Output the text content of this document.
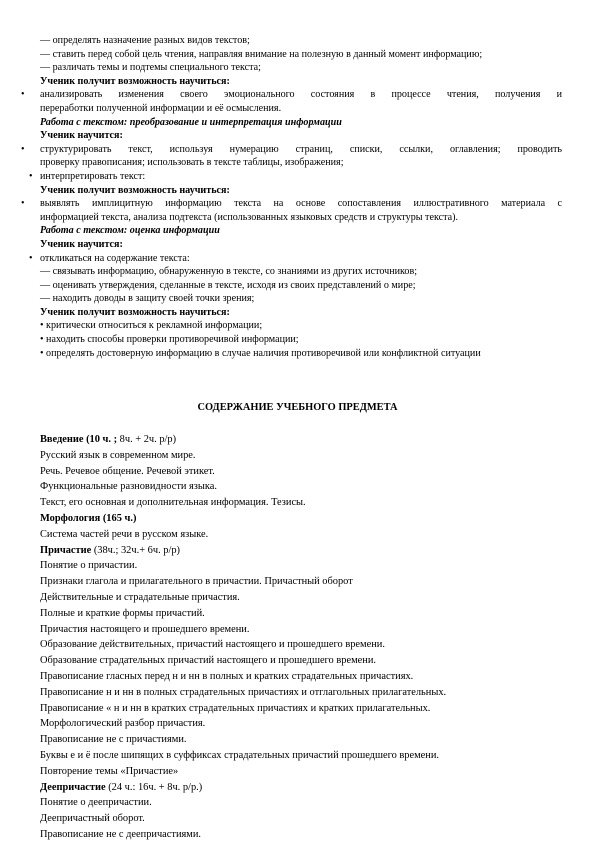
— определять назначение разных видов текстов;
— ставить перед собой цель чтения, направляя внимание на полезную в данный момент информацию;
— различать темы и подтемы специального текста;
Ученик получит возможность научиться:
•	анализировать изменения своего эмоционального состояния в процессе чтения, получения и
переработки полученной информации и её осмысления.
Работа с текстом: преобразование и интерпретация информации
Ученик научится:
•	структурировать текст, используя нумерацию страниц, списки, ссылки, оглавления; проводить
проверку правописания; использовать в тексте таблицы, изображения;
• интерпретировать текст:
Ученик получит возможность научиться:
•	выявлять имплицитную информацию текста на основе сопоставления иллюстративного материала с
информацией текста, анализа подтекста (использованных языковых средств и структуры текста).
Работа с текстом: оценка информации
Ученик научится:
• откликаться на содержание текста:
— связывать информацию, обнаруженную в тексте, со знаниями из других источников;
— оценивать утверждения, сделанные в тексте, исходя из своих представлений о мире;
— находить доводы в защиту своей точки зрения;
Ученик получит возможность научиться:
• критически относиться к рекламной информации;
• находить способы проверки противоречивой информации;
• определять достоверную информацию в случае наличия противоречивой или конфликтной ситуации
СОДЕРЖАНИЕ УЧЕБНОГО ПРЕДМЕТА
Введение (10 ч. ; 8ч. + 2ч. р/р)
Русский язык в современном мире.
Речь. Речевое общение. Речевой этикет.
Функциональные разновидности языка.
Текст, его основная и дополнительная информация. Тезисы.
Морфология (165 ч.)
Система частей речи в русском языке.
Причастие (38ч.; 32ч.+ 6ч. р/р)
Понятие о причастии.
Признаки глагола и прилагательного в причастии. Причастный оборот
Действительные и страдательные причастия.
Полные и краткие формы причастий.
Причастия настоящего и прошедшего времени.
Образование действительных, причастий настоящего и прошедшего времени.
Образование страдательных причастий настоящего и прошедшего времени.
Правописание гласных перед н и нн в полных и кратких страдательных причастиях.
Правописание н и нн в полных страдательных причастиях и отглагольных прилагательных.
Правописание « н и нн в кратких страдательных причастиях и кратких прилагательных.
Морфологический разбор причастия.
Правописание не с причастиями.
Буквы е и ё после шипящих в суффиксах страдательных причастий прошедшего времени.
Повторение темы «Причастие»
Деепричастие (24 ч.: 16ч. + 8ч. р/р.)
Понятие о деепричастии.
Деепричастный оборот.
Правописание не с деепричастиями.
